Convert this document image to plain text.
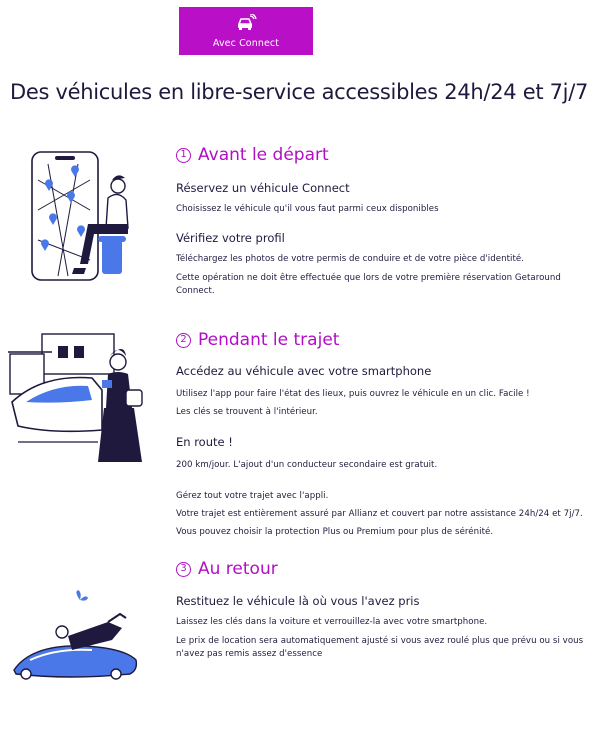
Avec Connect
Des véhicules en libre-service accessibles 24h/24 et 7j/7
1 Avant le départ

Réservez un véhicule Connect

Choisissez le véhicule qu'il vous faut parmi ceux disponibles

Vérifiez votre profil

Téléchargez les photos de votre permis de conduire et de votre pièce d'identité.

Cette opération ne doit être effectuée que lors de votre première réservation Getaround

Connect.

2 Pendant le trajet

Accédez au véhicule avec votre smartphone

Utilisez l'app pour faire l'état des lieux, puis ouvrez le véhicule en un clic. Facile !

Les clés se trouvent à l'intérieur.

En route !

200 km/jour. L'ajout d'un conducteur secondaire est gratuit.

Gérez tout votre trajet avec l'appli.

Votre trajet est entièrement assuré par Allianz et couvert par notre assistance 24h/24 et 7j/7.

Vous pouvez choisir la protection Plus ou Premium pour plus de sérénité.

3 Au retour

Restituez le véhicule là où vous l'avez pris

Laissez les clés dans la voiture et verrouillez-la avec votre smartphone.

Le prix de location sera automatiquement ajusté si vous avez roulé plus que prévu ou si vous

n'avez pas remis assez d'essence
